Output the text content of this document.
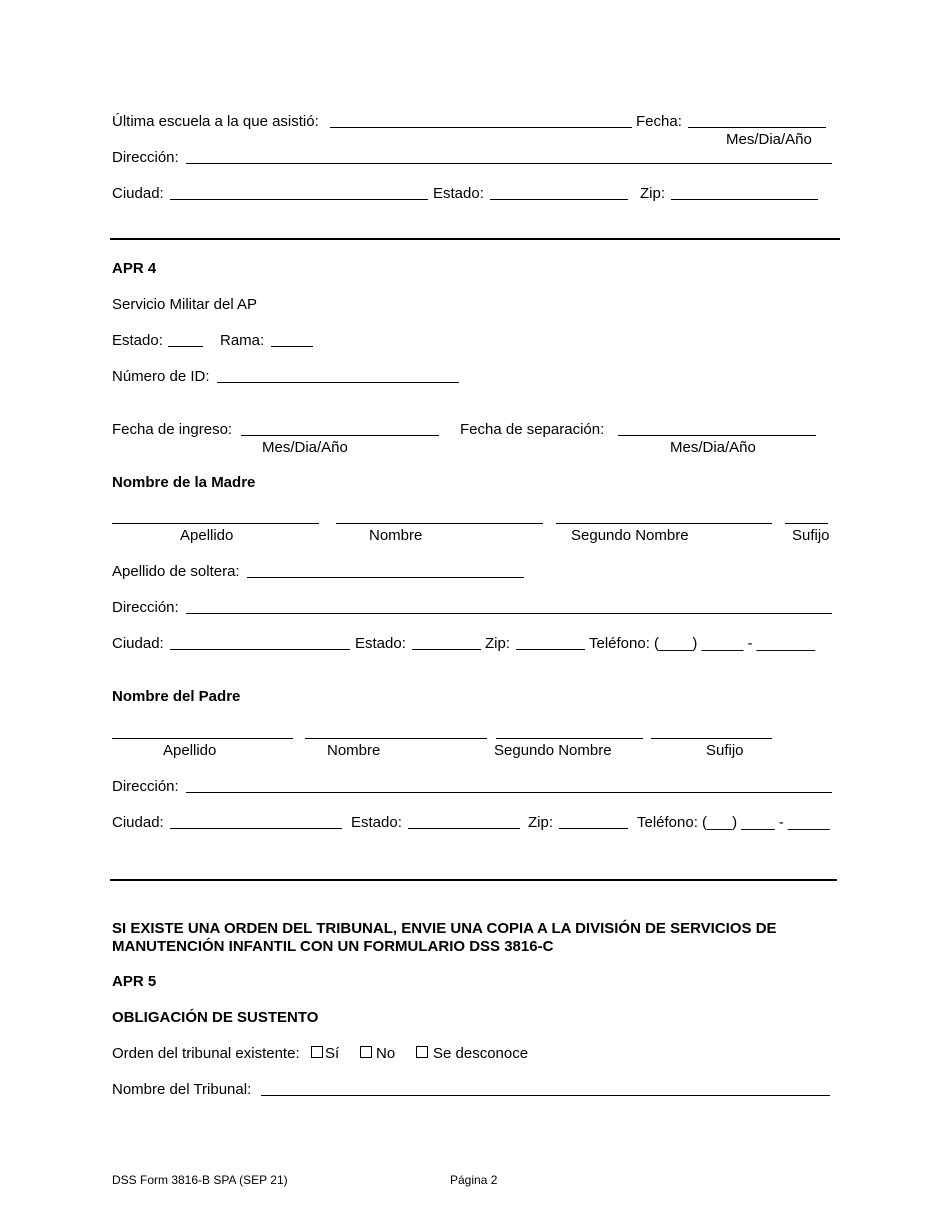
Última escuela a la que asistió:	Fecha:
Mes/Dia/Año
Dirección:
Ciudad:	Estado:	Zip:
APR 4
Servicio Militar del AP
Estado:	Rama:
Número de ID:
Fecha de ingreso:
Mes/Dia/Año
Fecha de separación:
Mes/Dia/Año
Nombre de la Madre
Apellido	Nombre	Segundo Nombre	Sufijo
Apellido de soltera:
Dirección:
Ciudad:	Estado:	Zip:	Teléfono: (____) _____ - _______
Nombre del Padre
Apellido	Nombre	Segundo Nombre	Sufijo
Dirección:
Ciudad:	Estado:	Zip:	Teléfono: (___) ____ - _____
SI EXISTE UNA ORDEN DEL TRIBUNAL, ENVIE UNA COPIA A LA DIVISIÓN DE SERVICIOS DE
MANUTENCIÓN INFANTIL CON UN FORMULARIO DSS 3816-C
APR 5
OBLIGACIÓN DE SUSTENTO
Orden del tribunal existente: Sí No	Se desconoce
Nombre del Tribunal:
DSS Form 3816-B SPA (SEP 21)	Página 2
